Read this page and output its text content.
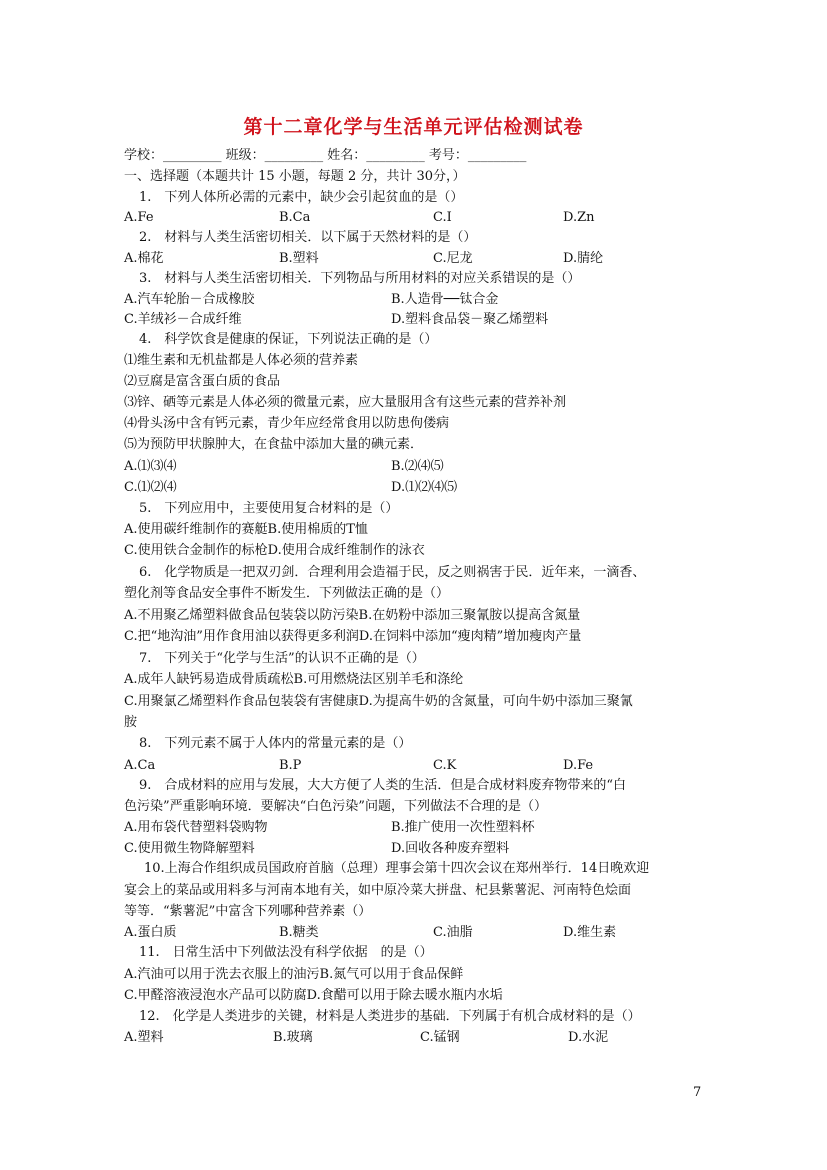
第十二章化学与生活单元评估检测试卷
学校：_________ 班级：_________ 姓名：_________ 考号：_________
一、选择题（本题共计 15 小题，每题 2 分，共计 30分，）
1.　下列人体所必需的元素中，缺少会引起贫血的是（）
A.Fe	B.Ca	C.I	D.Zn
2.　材料与人类生活密切相关．以下属于天然材料的是（）
A.棉花	B.塑料	C.尼龙	D.腈纶
3.　材料与人类生活密切相关．下列物品与所用材料的对应关系错误的是（）
A.汽车轮胎－合成橡胶	B.人造骨──钛合金
C.羊绒衫－合成纤维	D.塑料食品袋－聚乙烯塑料
4.　科学饮食是健康的保证，下列说法正确的是（）
⑴维生素和无机盐都是人体必须的营养素
⑵豆腐是富含蛋白质的食品
⑶锌、硒等元素是人体必须的微量元素，应大量服用含有这些元素的营养补剂
⑷骨头汤中含有钙元素，青少年应经常食用以防患佝偻病
⑸为预防甲状腺肿大，在食盐中添加大量的碘元素．
A.⑴⑶⑷	B.⑵⑷⑸
C.⑴⑵⑷	D.⑴⑵⑷⑸
5.　下列应用中，主要使用复合材料的是（）
A.使用碳纤维制作的赛艇B.使用棉质的T恤
C.使用铁合金制作的标枪D.使用合成纤维制作的泳衣
6.　化学物质是一把双刃剑．合理利用会造福于民，反之则祸害于民．近年来，一滴香、
塑化剂等食品安全事件不断发生．下列做法正确的是（）
A.不用聚乙烯塑料做食品包装袋以防污染B.在奶粉中添加三聚氰胺以提高含氮量
C.把“地沟油”用作食用油以获得更多利润D.在饲料中添加“瘦肉精”增加瘦肉产量
7.　下列关于“化学与生活”的认识不正确的是（）
A.成年人缺钙易造成骨质疏松B.可用燃烧法区别羊毛和涤纶
C.用聚氯乙烯塑料作食品包装袋有害健康D.为提高牛奶的含氮量，可向牛奶中添加三聚氰
胺
8.　下列元素不属于人体内的常量元素的是（）
A.Ca	B.P	C.K	D.Fe
9.　合成材料的应用与发展，大大方便了人类的生活．但是合成材料废弃物带来的“白
色污染”严重影响环境．要解决“白色污染”问题，下列做法不合理的是（）
A.用布袋代替塑料袋购物	B.推广使用一次性塑料杯
C.使用微生物降解塑料	D.回收各种废弃塑料
10.上海合作组织成员国政府首脑（总理）理事会第十四次会议在郑州举行．14日晚欢迎
宴会上的菜品或用料多与河南本地有关，如中原冷菜大拼盘、杞县紫薯泥、河南特色烩面
等等．“紫薯泥”中富含下列哪种营养素（）
A.蛋白质	B.糖类	C.油脂	D.维生素
11.　日常生活中下列做法没有科学依据　的是（）
A.汽油可以用于洗去衣服上的油污B.氮气可以用于食品保鲜
C.甲醛溶液浸泡水产品可以防腐D.食醋可以用于除去暖水瓶内水垢
12.　化学是人类进步的关键，材料是人类进步的基础．下列属于有机合成材料的是（）
A.塑料	B.玻璃	C.锰钢	D.水泥
7
